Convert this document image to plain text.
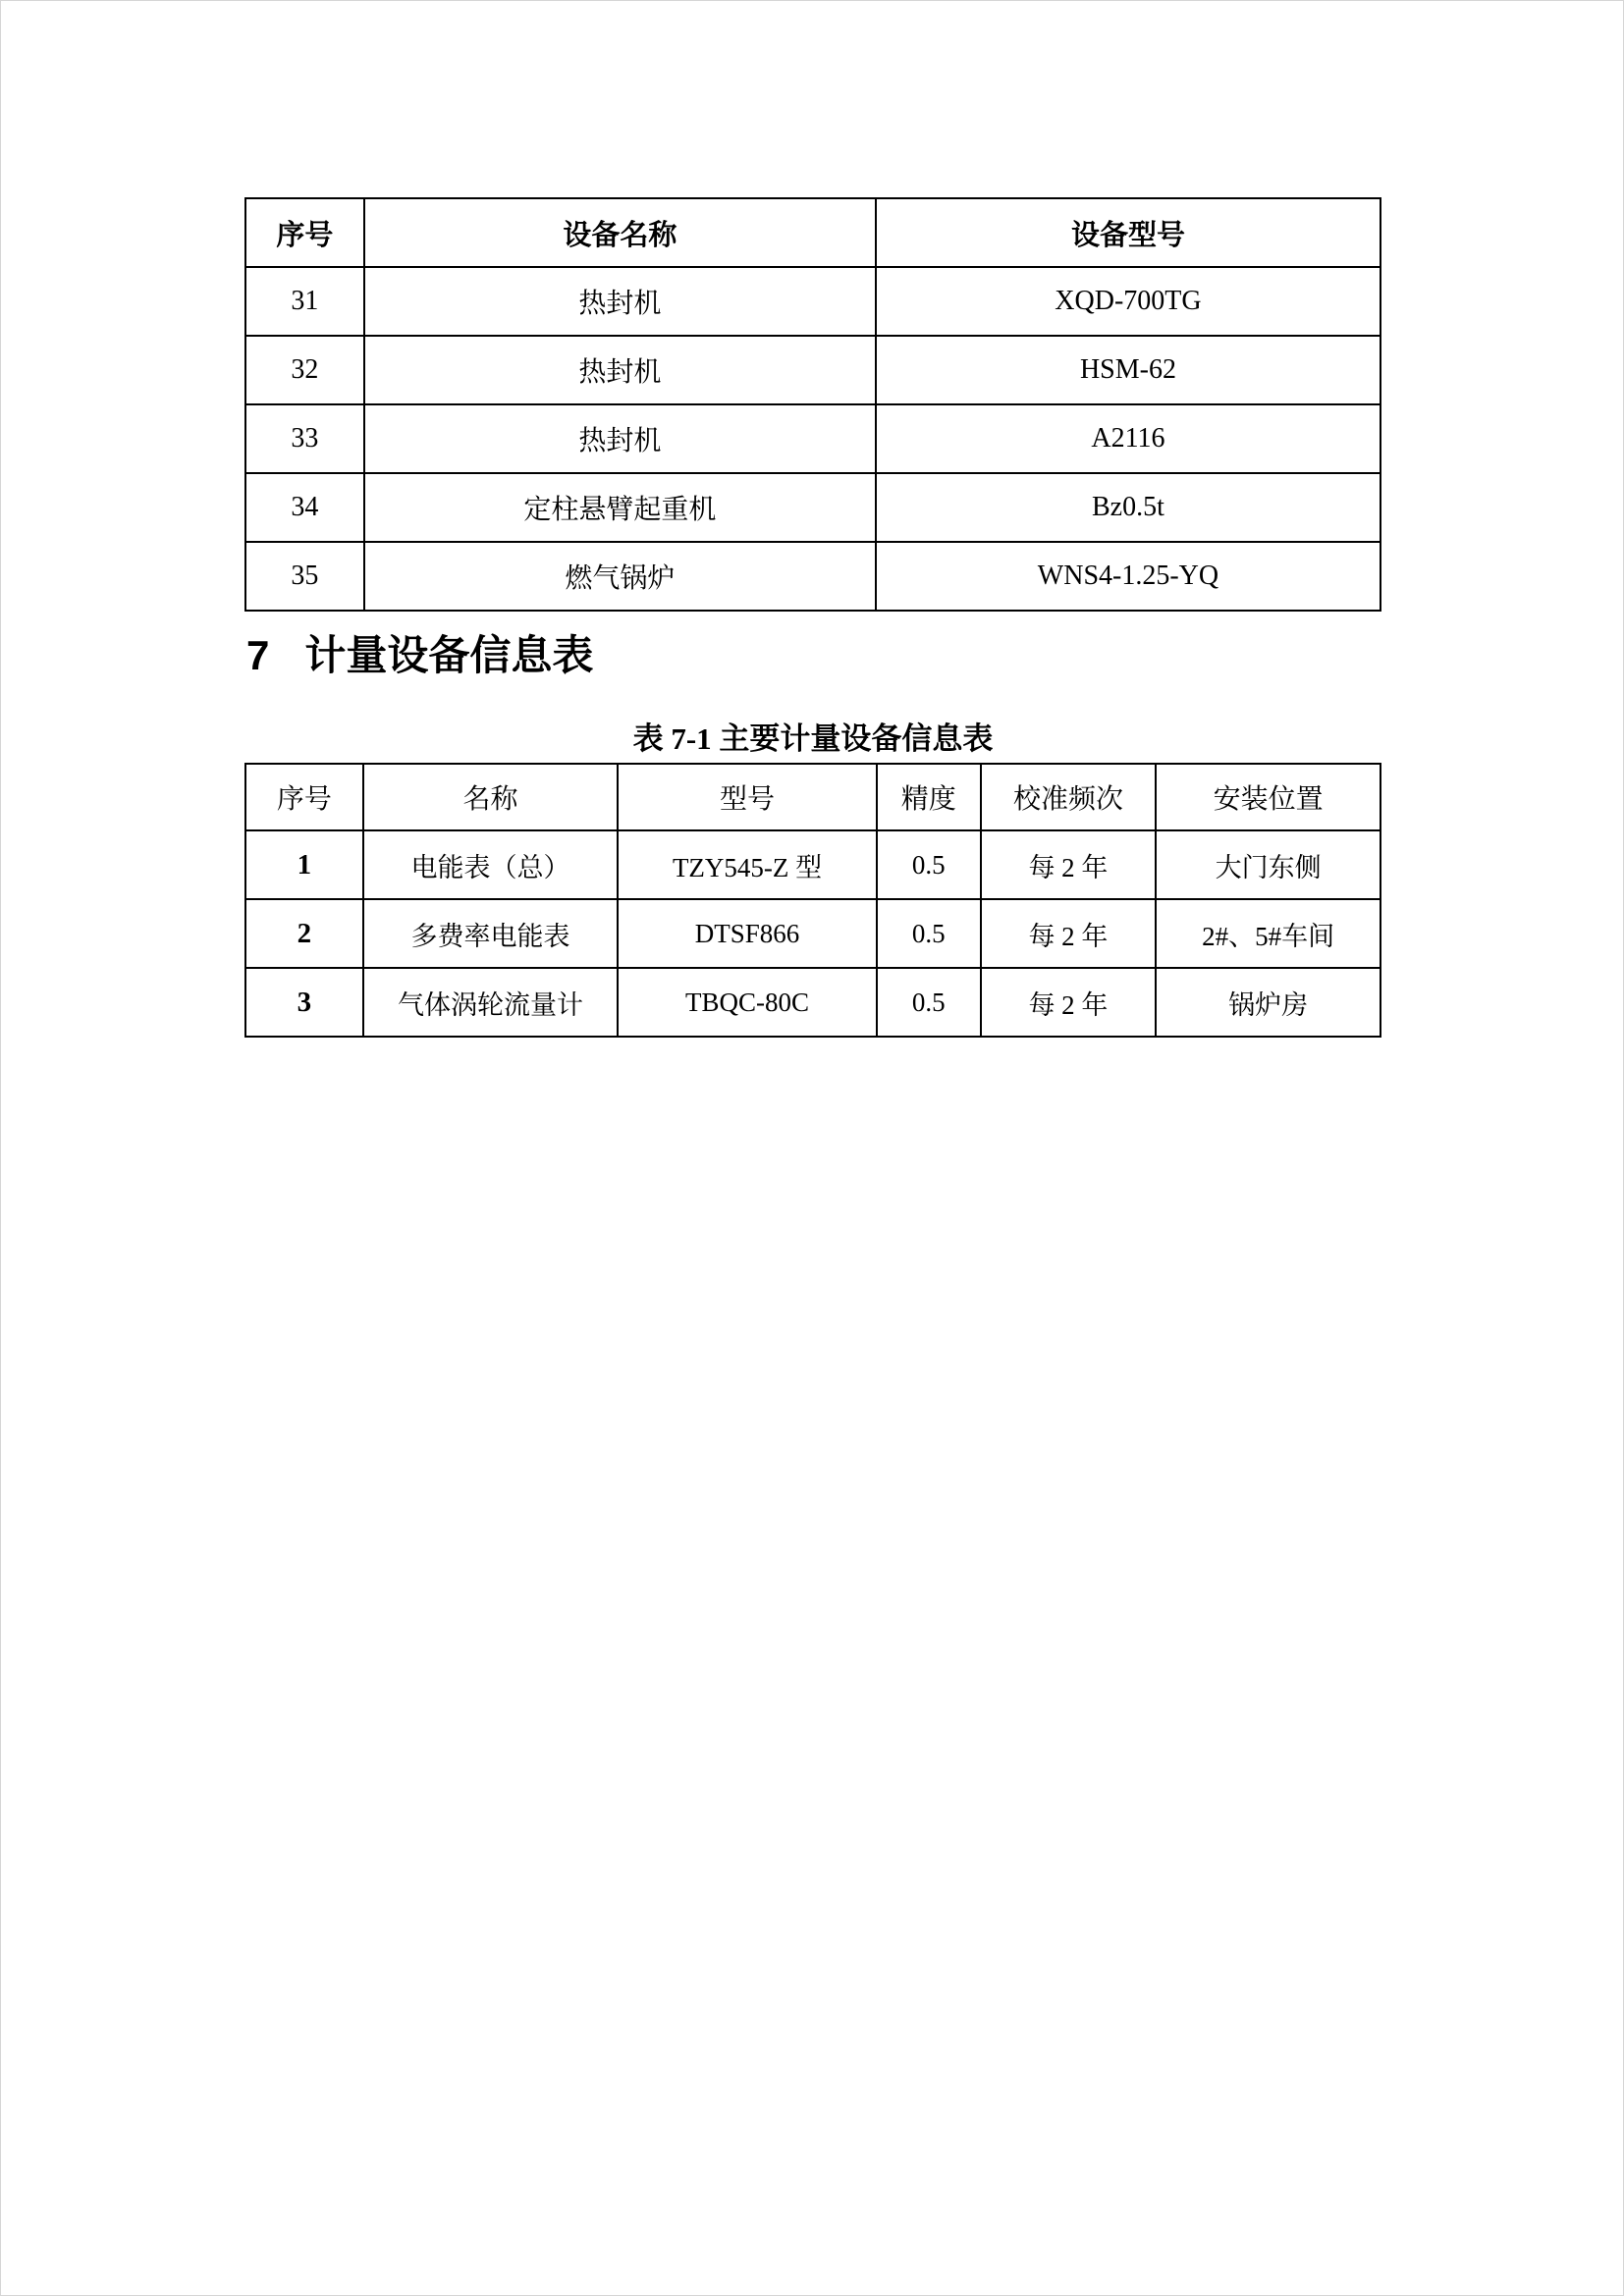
序号	设备名称	设备型号
31	热封机	XQD-700TG
32	热封机	HSM-62
33	热封机	A2116
34	定柱悬臂起重机	Bz0.5t
35	燃气锅炉	WNS4-1.25-YQ
7 计量设备信息表

表 7-1 主要计量设备信息表

序号	名称	型号	精度	校准频次	安装位置
1	电能表（总）	TZY545-Z 型	0.5	每 2 年	大门东侧
2	多费率电能表	DTSF866	0.5	每 2 年	2#、5#车间
3	气体涡轮流量计	TBQC-80C	0.5	每 2 年	锅炉房
